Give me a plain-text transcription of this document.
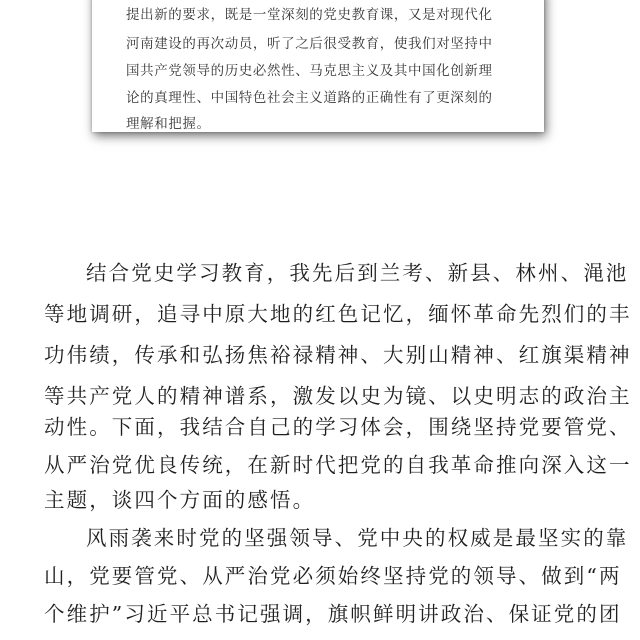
提出新的要求，既是一堂深刻的党史教育课，又是对现代化
河南建设的再次动员，听了之后很受教育，使我们对坚持中
国共产党领导的历史必然性、马克思主义及其中国化创新理
论的真理性、中国特色社会主义道路的正确性有了更深刻的
理解和把握。
结合党史学习教育，我先后到兰考、新县、林州、渑池
等地调研，追寻中原大地的红色记忆，缅怀革命先烈们的丰
功伟绩，传承和弘扬焦裕禄精神、大别山精神、红旗渠精神
等共产党人的精神谱系，激发以史为镜、以史明志的政治主
动性。下面，我结合自己的学习体会，围绕坚持党要管党、
从严治党优良传统，在新时代把党的自我革命推向深入这一
主题，谈四个方面的感悟。
风雨袭来时党的坚强领导、党中央的权威是最坚实的靠
山，党要管党、从严治党必须始终坚持党的领导、做到“两
个维护”习近平总书记强调，旗帜鲜明讲政治、保证党的团
